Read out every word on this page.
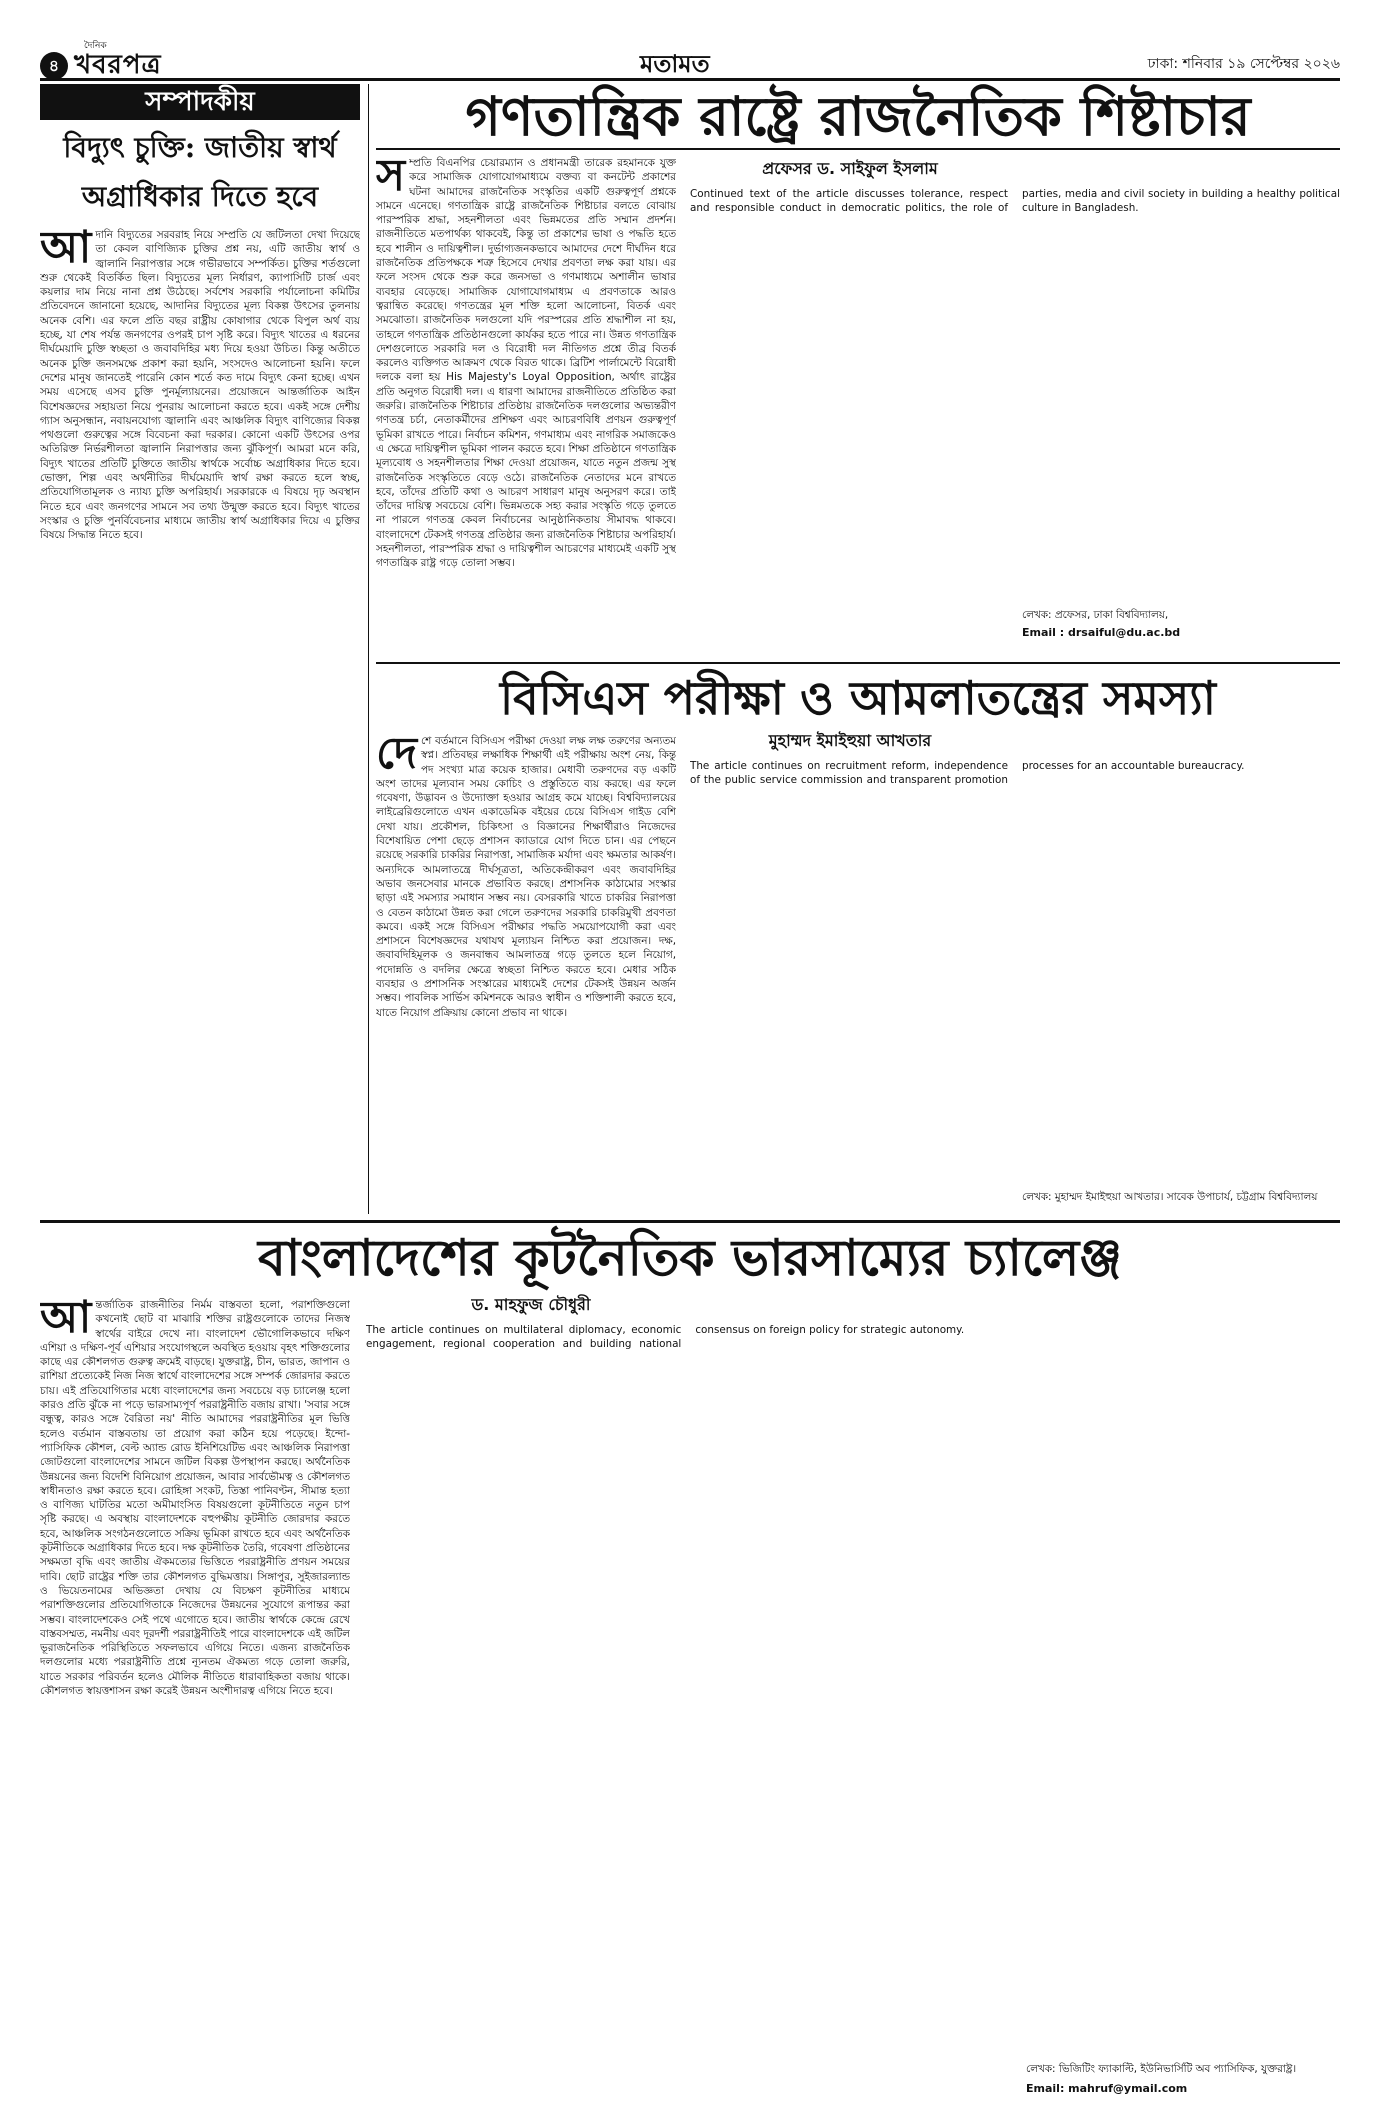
৪
দৈনিক
খবরপত্র	মতামত	ঢাকা: শনিবার ১৯ সেপ্টেম্বর ২০২৬
সম্পাদকীয়
বিদ্যুৎ চুক্তি: জাতীয় স্বার্থ
অগ্রাধিকার দিতে হবে
আ দানি বিদ্যুতের সরবরাহ নিয়ে সম্প্রতি যে জটিলতা দেখা দিয়েছে তা কেবল বাণিজ্যিক চুক্তির প্রশ্ন নয়, এটি জাতীয় স্বার্থ ও জ্বালানি নিরাপত্তার সঙ্গে গভীরভাবে সম্পর্কিত। চুক্তির শর্তগুলো শুরু থেকেই বিতর্কিত ছিল। বিদ্যুতের মূল্য নির্ধারণ, ক্যাপাসিটি চার্জ এবং কয়লার দাম নিয়ে নানা প্রশ্ন উঠেছে। সর্বশেষ সরকারি পর্যালোচনা কমিটির প্রতিবেদনে জানানো হয়েছে, আদানির বিদ্যুতের মূল্য বিকল্প উৎসের তুলনায় অনেক বেশি। এর ফলে প্রতি বছর রাষ্ট্রীয় কোষাগার থেকে বিপুল অর্থ ব্যয় হচ্ছে, যা শেষ পর্যন্ত জনগণের ওপরই চাপ সৃষ্টি করে। বিদ্যুৎ খাতের এ ধরনের দীর্ঘমেয়াদি চুক্তি স্বচ্ছতা ও জবাবদিহির মধ্য দিয়ে হওয়া উচিত। কিন্তু অতীতে অনেক চুক্তি জনসমক্ষে প্রকাশ করা হয়নি, সংসদেও আলোচনা হয়নি। ফলে দেশের মানুষ জানতেই পারেনি কোন শর্তে কত দামে বিদ্যুৎ কেনা হচ্ছে। এখন সময় এসেছে এসব চুক্তি পুনর্মূল্যায়নের। প্রয়োজনে আন্তর্জাতিক আইন বিশেষজ্ঞদের সহায়তা নিয়ে পুনরায় আলোচনা করতে হবে। একই সঙ্গে দেশীয় গ্যাস অনুসন্ধান, নবায়নযোগ্য জ্বালানি এবং আঞ্চলিক বিদ্যুৎ বাণিজ্যের বিকল্প পথগুলো গুরুত্বের সঙ্গে বিবেচনা করা দরকার। কোনো একটি উৎসের ওপর অতিরিক্ত নির্ভরশীলতা জ্বালানি নিরাপত্তার জন্য ঝুঁকিপূর্ণ। আমরা মনে করি, বিদ্যুৎ খাতের প্রতিটি চুক্তিতে জাতীয় স্বার্থকে সর্বোচ্চ অগ্রাধিকার দিতে হবে। ভোক্তা, শিল্প এবং অর্থনীতির দীর্ঘমেয়াদি স্বার্থ রক্ষা করতে হলে স্বচ্ছ, প্রতিযোগিতামূলক ও ন্যায্য চুক্তি অপরিহার্য। সরকারকে এ বিষয়ে দৃঢ় অবস্থান নিতে হবে এবং জনগণের সামনে সব তথ্য উন্মুক্ত করতে হবে। বিদ্যুৎ খাতের সংস্কার ও চুক্তি পুনর্বিবেচনার মাধ্যমে জাতীয় স্বার্থ অগ্রাধিকার দিয়ে এ চুক্তির বিষয়ে সিদ্ধান্ত নিতে হবে।
গণতান্ত্রিক রাষ্ট্রে রাজনৈতিক শিষ্টাচার
স ম্প্রতি বিএনপির চেয়ারম্যান ও প্রধানমন্ত্রী তারেক রহমানকে যুক্ত করে সামাজিক যোগাযোগমাধ্যমে বক্তব্য বা কনটেন্ট প্রকাশের ঘটনা আমাদের রাজনৈতিক সংস্কৃতির একটি গুরুত্বপূর্ণ প্রশ্নকে সামনে এনেছে। গণতান্ত্রিক রাষ্ট্রে রাজনৈতিক শিষ্টাচার বলতে বোঝায় পারস্পরিক শ্রদ্ধা, সহনশীলতা এবং ভিন্নমতের প্রতি সম্মান প্রদর্শন। রাজনীতিতে মতপার্থক্য থাকবেই, কিন্তু তা প্রকাশের ভাষা ও পদ্ধতি হতে হবে শালীন ও দায়িত্বশীল। দুর্ভাগ্যজনকভাবে আমাদের দেশে দীর্ঘদিন ধরে রাজনৈতিক প্রতিপক্ষকে শত্রু হিসেবে দেখার প্রবণতা লক্ষ করা যায়। এর ফলে সংসদ থেকে শুরু করে জনসভা ও গণমাধ্যমে অশালীন ভাষার ব্যবহার বেড়েছে। সামাজিক যোগাযোগমাধ্যম এ প্রবণতাকে আরও ত্বরান্বিত করেছে। গণতন্ত্রের মূল শক্তি হলো আলোচনা, বিতর্ক এবং সমঝোতা। রাজনৈতিক দলগুলো যদি পরস্পরের প্রতি শ্রদ্ধাশীল না হয়, তাহলে গণতান্ত্রিক প্রতিষ্ঠানগুলো কার্যকর হতে পারে না। উন্নত গণতান্ত্রিক দেশগুলোতে সরকারি দল ও বিরোধী দল নীতিগত প্রশ্নে তীব্র বিতর্ক করলেও ব্যক্তিগত আক্রমণ থেকে বিরত থাকে। ব্রিটিশ পার্লামেন্টে বিরোধী দলকে বলা হয় His Majesty's Loyal Opposition, অর্থাৎ রাষ্ট্রের প্রতি অনুগত বিরোধী দল। এ ধারণা আমাদের রাজনীতিতে প্রতিষ্ঠিত করা জরুরি। রাজনৈতিক শিষ্টাচার প্রতিষ্ঠায় রাজনৈতিক দলগুলোর অভ্যন্তরীণ গণতন্ত্র চর্চা, নেতাকর্মীদের প্রশিক্ষণ এবং আচরণবিধি প্রণয়ন গুরুত্বপূর্ণ ভূমিকা রাখতে পারে। নির্বাচন কমিশন, গণমাধ্যম এবং নাগরিক সমাজকেও এ ক্ষেত্রে দায়িত্বশীল ভূমিকা পালন করতে হবে। শিক্ষা প্রতিষ্ঠানে গণতান্ত্রিক মূল্যবোধ ও সহনশীলতার শিক্ষা দেওয়া প্রয়োজন, যাতে নতুন প্রজন্ম সুস্থ রাজনৈতিক সংস্কৃতিতে বেড়ে ওঠে। রাজনৈতিক নেতাদের মনে রাখতে হবে, তাঁদের প্রতিটি কথা ও আচরণ সাধারণ মানুষ অনুসরণ করে। তাই তাঁদের দায়িত্ব সবচেয়ে বেশি। ভিন্নমতকে সহ্য করার সংস্কৃতি গড়ে তুলতে না পারলে গণতন্ত্র কেবল নির্বাচনের আনুষ্ঠানিকতায় সীমাবদ্ধ থাকবে। বাংলাদেশে টেকসই গণতন্ত্র প্রতিষ্ঠার জন্য রাজনৈতিক শিষ্টাচার অপরিহার্য। সহনশীলতা, পারস্পরিক শ্রদ্ধা ও দায়িত্বশীল আচরণের মাধ্যমেই একটি সুস্থ গণতান্ত্রিক রাষ্ট্র গড়ে তোলা সম্ভব।
প্রফেসর ড. সাইফুল ইসলাম
Continued text of the article discusses tolerance, respect and responsible conduct in democratic politics, the role of parties, media and civil society in building a healthy political culture in Bangladesh.
লেখক: প্রফেসর, ঢাকা বিশ্ববিদ্যালয়,
Email : drsaiful@du.ac.bd
বিসিএস পরীক্ষা ও আমলাতন্ত্রের সমস্যা
দে শে বর্তমানে বিসিএস পরীক্ষা দেওয়া লক্ষ লক্ষ তরুণের অন্যতম স্বপ্ন। প্রতিবছর লক্ষাধিক শিক্ষার্থী এই পরীক্ষায় অংশ নেয়, কিন্তু পদ সংখ্যা মাত্র কয়েক হাজার। মেধাবী তরুণদের বড় একটি অংশ তাদের মূল্যবান সময় কোচিং ও প্রস্তুতিতে ব্যয় করছে। এর ফলে গবেষণা, উদ্ভাবন ও উদ্যোক্তা হওয়ার আগ্রহ কমে যাচ্ছে। বিশ্ববিদ্যালয়ের লাইব্রেরিগুলোতে এখন একাডেমিক বইয়ের চেয়ে বিসিএস গাইড বেশি দেখা যায়। প্রকৌশল, চিকিৎসা ও বিজ্ঞানের শিক্ষার্থীরাও নিজেদের বিশেষায়িত পেশা ছেড়ে প্রশাসন ক্যাডারে যোগ দিতে চান। এর পেছনে রয়েছে সরকারি চাকরির নিরাপত্তা, সামাজিক মর্যাদা এবং ক্ষমতার আকর্ষণ। অন্যদিকে আমলাতন্ত্রে দীর্ঘসূত্রতা, অতিকেন্দ্রীকরণ এবং জবাবদিহির অভাব জনসেবার মানকে প্রভাবিত করছে। প্রশাসনিক কাঠামোর সংস্কার ছাড়া এই সমস্যার সমাধান সম্ভব নয়। বেসরকারি খাতে চাকরির নিরাপত্তা ও বেতন কাঠামো উন্নত করা গেলে তরুণদের সরকারি চাকরিমুখী প্রবণতা কমবে। একই সঙ্গে বিসিএস পরীক্ষার পদ্ধতি সময়োপযোগী করা এবং প্রশাসনে বিশেষজ্ঞদের যথাযথ মূল্যায়ন নিশ্চিত করা প্রয়োজন। দক্ষ, জবাবদিহিমূলক ও জনবান্ধব আমলাতন্ত্র গড়ে তুলতে হলে নিয়োগ, পদোন্নতি ও বদলির ক্ষেত্রে স্বচ্ছতা নিশ্চিত করতে হবে। মেধার সঠিক ব্যবহার ও প্রশাসনিক সংস্কারের মাধ্যমেই দেশের টেকসই উন্নয়ন অর্জন সম্ভব। পাবলিক সার্ভিস কমিশনকে আরও স্বাধীন ও শক্তিশালী করতে হবে, যাতে নিয়োগ প্রক্রিয়ায় কোনো প্রভাব না থাকে।
মুহাম্মদ ইমাইহুয়া আখতার
The article continues on recruitment reform, independence of the public service commission and transparent promotion processes for an accountable bureaucracy.
লেখক: মুহাম্মদ ইমাইহুয়া আখতার। সাবেক উপাচার্য, চট্টগ্রাম বিশ্ববিদ্যালয়
বাংলাদেশের কূটনৈতিক ভারসাম্যের চ্যালেঞ্জ
আ ন্তর্জাতিক রাজনীতির নির্মম বাস্তবতা হলো, পরাশক্তিগুলো কখনোই ছোট বা মাঝারি শক্তির রাষ্ট্রগুলোকে তাদের নিজস্ব স্বার্থের বাইরে দেখে না। বাংলাদেশ ভৌগোলিকভাবে দক্ষিণ এশিয়া ও দক্ষিণ-পূর্ব এশিয়ার সংযোগস্থলে অবস্থিত হওয়ায় বৃহৎ শক্তিগুলোর কাছে এর কৌশলগত গুরুত্ব ক্রমেই বাড়ছে। যুক্তরাষ্ট্র, চীন, ভারত, জাপান ও রাশিয়া প্রত্যেকেই নিজ নিজ স্বার্থে বাংলাদেশের সঙ্গে সম্পর্ক জোরদার করতে চায়। এই প্রতিযোগিতার মধ্যে বাংলাদেশের জন্য সবচেয়ে বড় চ্যালেঞ্জ হলো কারও প্রতি ঝুঁকে না পড়ে ভারসাম্যপূর্ণ পররাষ্ট্রনীতি বজায় রাখা। 'সবার সঙ্গে বন্ধুত্ব, কারও সঙ্গে বৈরিতা নয়' নীতি আমাদের পররাষ্ট্রনীতির মূল ভিত্তি হলেও বর্তমান বাস্তবতায় তা প্রয়োগ করা কঠিন হয়ে পড়েছে। ইন্দো-প্যাসিফিক কৌশল, বেল্ট অ্যান্ড রোড ইনিশিয়েটিভ এবং আঞ্চলিক নিরাপত্তা জোটগুলো বাংলাদেশের সামনে জটিল বিকল্প উপস্থাপন করছে। অর্থনৈতিক উন্নয়নের জন্য বিদেশি বিনিয়োগ প্রয়োজন, আবার সার্বভৌমত্ব ও কৌশলগত স্বাধীনতাও রক্ষা করতে হবে। রোহিঙ্গা সংকট, তিস্তা পানিবণ্টন, সীমান্ত হত্যা ও বাণিজ্য ঘাটতির মতো অমীমাংসিত বিষয়গুলো কূটনীতিতে নতুন চাপ সৃষ্টি করছে। এ অবস্থায় বাংলাদেশকে বহুপক্ষীয় কূটনীতি জোরদার করতে হবে, আঞ্চলিক সংগঠনগুলোতে সক্রিয় ভূমিকা রাখতে হবে এবং অর্থনৈতিক কূটনীতিকে অগ্রাধিকার দিতে হবে। দক্ষ কূটনীতিক তৈরি, গবেষণা প্রতিষ্ঠানের সক্ষমতা বৃদ্ধি এবং জাতীয় ঐকমত্যের ভিত্তিতে পররাষ্ট্রনীতি প্রণয়ন সময়ের দাবি। ছোট রাষ্ট্রের শক্তি তার কৌশলগত বুদ্ধিমত্তায়। সিঙ্গাপুর, সুইজারল্যান্ড ও ভিয়েতনামের অভিজ্ঞতা দেখায় যে বিচক্ষণ কূটনীতির মাধ্যমে পরাশক্তিগুলোর প্রতিযোগিতাকে নিজেদের উন্নয়নের সুযোগে রূপান্তর করা সম্ভব। বাংলাদেশকেও সেই পথে এগোতে হবে। জাতীয় স্বার্থকে কেন্দ্রে রেখে বাস্তবসম্মত, নমনীয় এবং দূরদর্শী পররাষ্ট্রনীতিই পারে বাংলাদেশকে এই জটিল ভূরাজনৈতিক পরিস্থিতিতে সফলভাবে এগিয়ে নিতে। এজন্য রাজনৈতিক দলগুলোর মধ্যে পররাষ্ট্রনীতি প্রশ্নে ন্যূনতম ঐকমত্য গড়ে তোলা জরুরি, যাতে সরকার পরিবর্তন হলেও মৌলিক নীতিতে ধারাবাহিকতা বজায় থাকে। কৌশলগত স্বায়ত্তশাসন রক্ষা করেই উন্নয়ন অংশীদারত্ব এগিয়ে নিতে হবে।
ড. মাহফুজ চৌধুরী
The article continues on multilateral diplomacy, economic engagement, regional cooperation and building national consensus on foreign policy for strategic autonomy.
লেখক: ভিজিটিং ফ্যাকাল্টি, ইউনিভার্সিটি অব প্যাসিফিক, যুক্তরাষ্ট্র।
Email: mahruf@ymail.com
